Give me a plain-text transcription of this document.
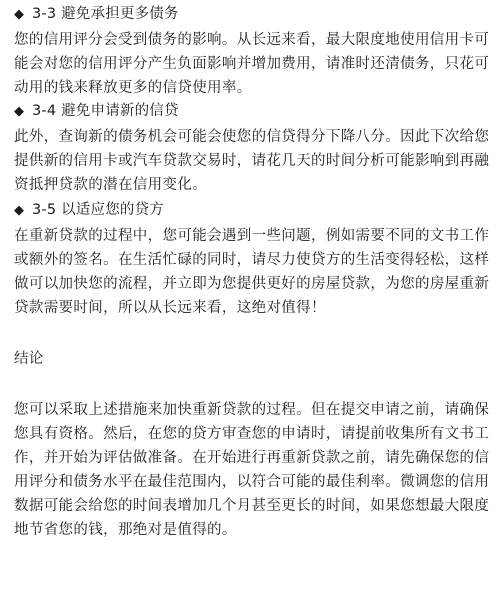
◆ 3-3 避免承担更多债务
您的信用评分会受到债务的影响。从长远来看，最大限度地使用信用卡可
能会对您的信用评分产生负面影响并增加费用，请准时还清债务，只花可
动用的钱来释放更多的信贷使用率。
◆ 3-4 避免申请新的信贷
此外，查询新的债务机会可能会使您的信贷得分下降八分。因此下次给您
提供新的信用卡或汽车贷款交易时，请花几天的时间分析可能影响到再融
资抵押贷款的潜在信用变化。
◆ 3-5 以适应您的贷方
在重新贷款的过程中，您可能会遇到一些问题，例如需要不同的文书工作
或额外的签名。在生活忙碌的同时，请尽力使贷方的生活变得轻松，这样
做可以加快您的流程，并立即为您提供更好的房屋贷款，为您的房屋重新
贷款需要时间，所以从长远来看，这绝对值得！
结论
您可以采取上述措施来加快重新贷款的过程。但在提交申请之前，请确保
您具有资格。然后，在您的贷方审查您的申请时，请提前收集所有文书工
作，并开始为评估做准备。在开始进行再重新贷款之前，请先确保您的信
用评分和债务水平在最佳范围内，以符合可能的最佳利率。微调您的信用
数据可能会给您的时间表增加几个月甚至更长的时间，如果您想最大限度
地节省您的钱，那绝对是值得的。
